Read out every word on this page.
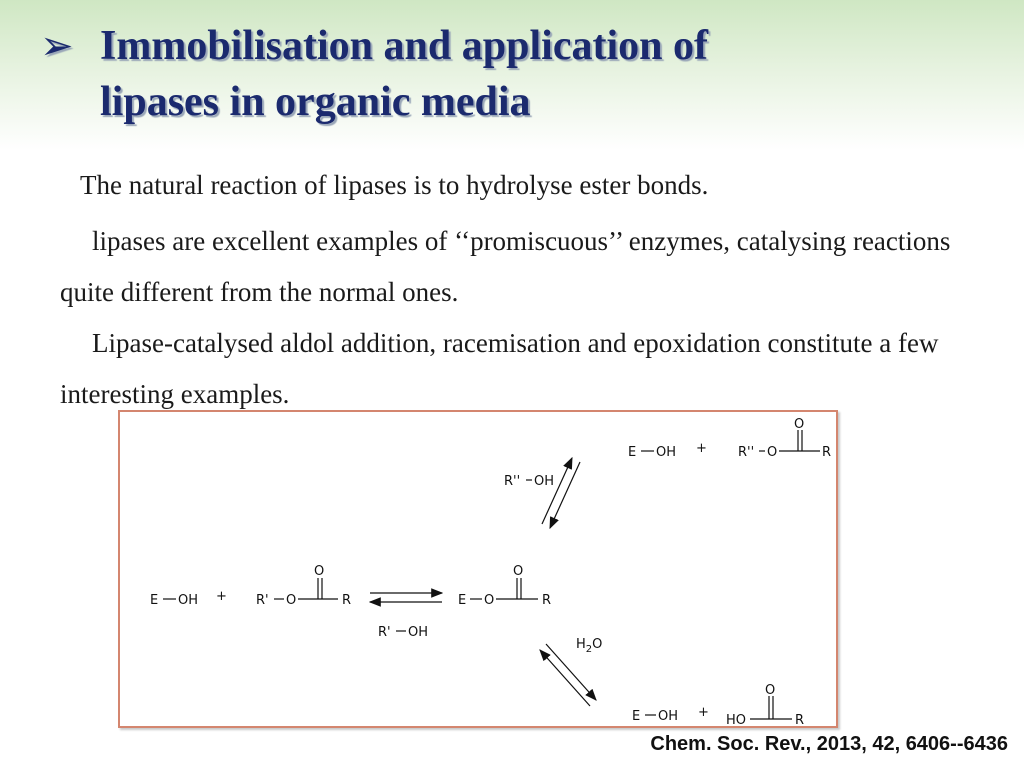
➢ Immobilisation and application of
lipases in organic media

The natural reaction of lipases is to hydrolyse ester bonds.

lipases are excellent examples of ‘‘promiscuous’’ enzymes, catalysing reactions quite different from the normal ones.

Lipase-catalysed aldol addition, racemisation and epoxidation constitute a few interesting examples.

E OH + R' O
O
R
R' OH
E O
O
R
R'' OH
E OH + R'' O
O
R
$H_2O$
E OH +
HO
O
R
Chem. Soc. Rev., 2013, 42, 6406--6436
